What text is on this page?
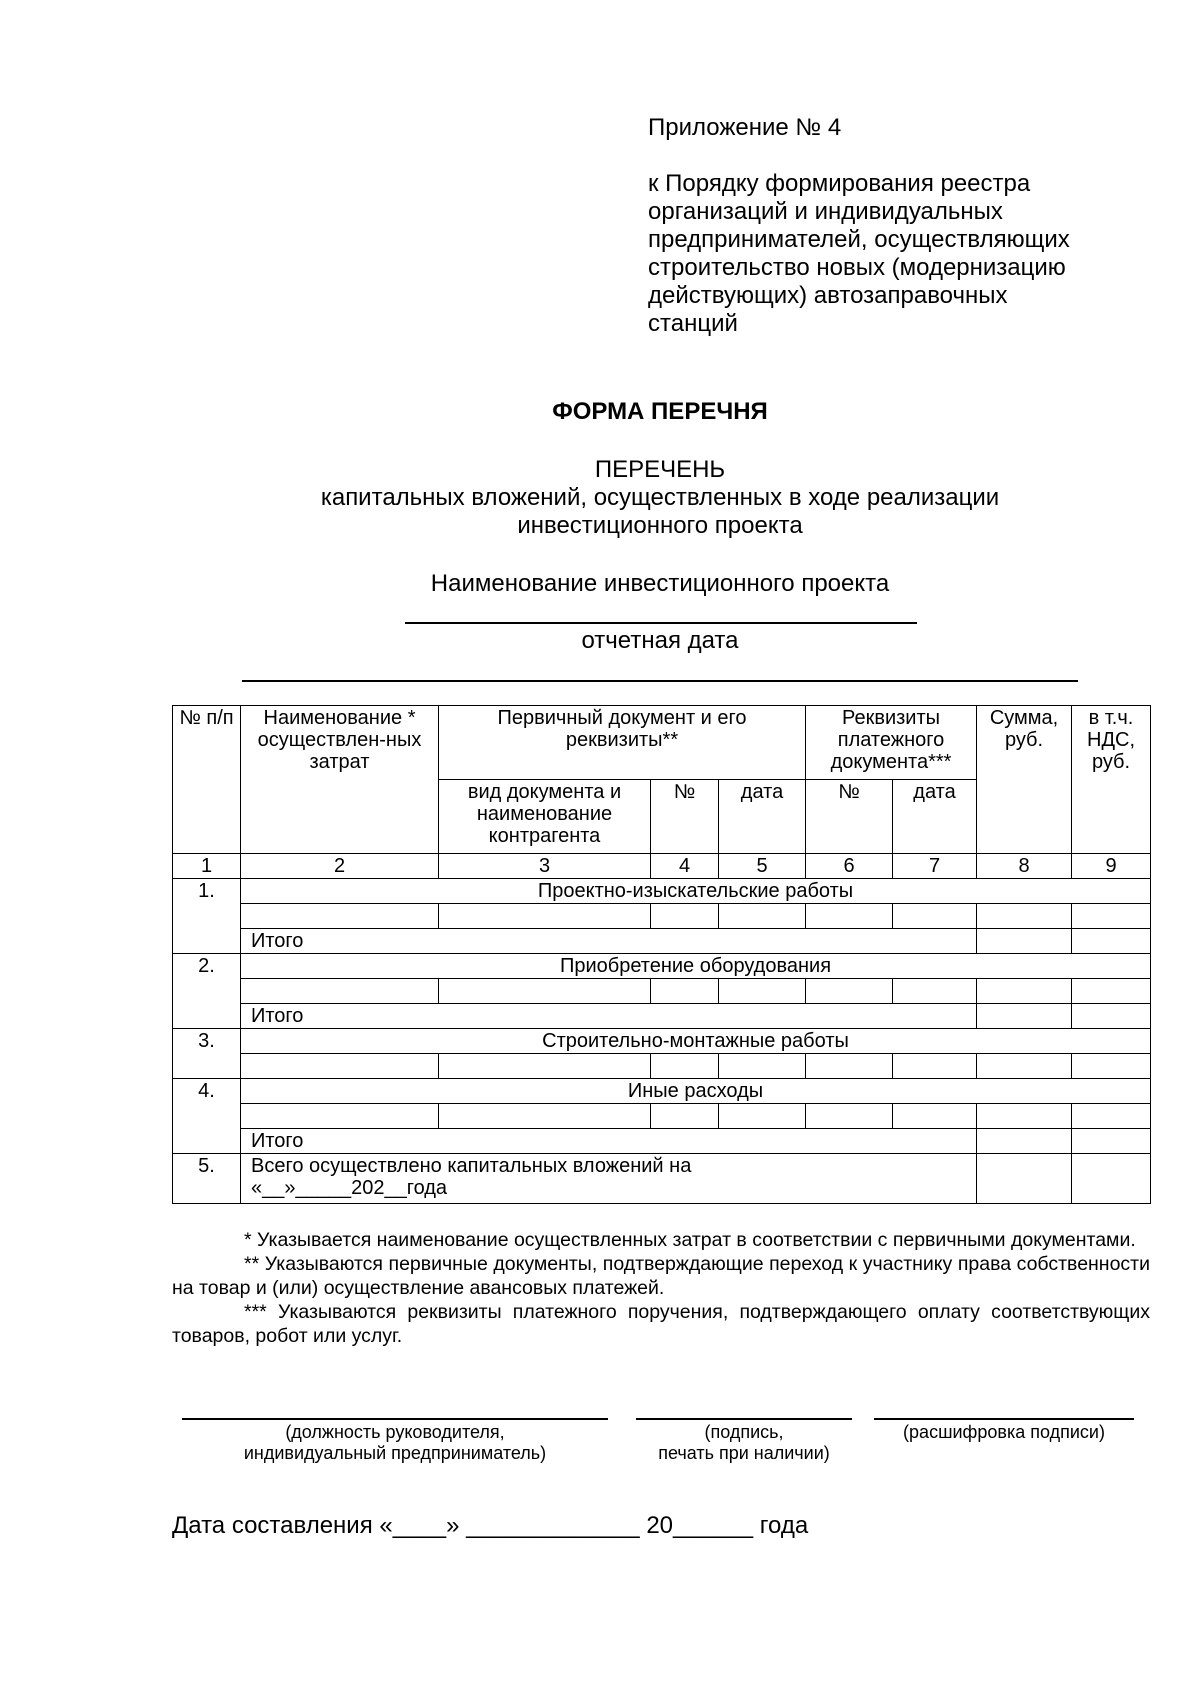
Приложение № 4
к Порядку формирования реестра
организаций и индивидуальных
предпринимателей, осуществляющих
строительство новых (модернизацию
действующих) автозаправочных
станций
ФОРМА ПЕРЕЧНЯ
ПЕРЕЧЕНЬ
капитальных вложений, осуществленных в ходе реализации
инвестиционного проекта
Наименование инвестиционного проекта
отчетная дата
№ п/п	Наименование * осуществлен-ных затрат	Первичный документ и его реквизиты**			Реквизиты платежного документа***		Сумма, руб.	в т.ч. НДС, руб.
		вид документа и наименование контрагента	№	дата	№	дата		
1	2	3	4	5	6	7	8	9
1.	Проектно-изыскательские работы							

	Итого							
2.	Приобретение оборудования							

	Итого							
3.	Строительно-монтажные работы							

4.	Иные расходы							

	Итого							
5.	Всего осуществлено капитальных вложений на
«__»_____202__года							

* Указывается наименование осуществленных затрат в соответствии с первичными документами.

** Указываются первичные документы, подтверждающие переход к участнику права собственности на товар и (или) осуществление авансовых платежей.

*** Указываются реквизиты платежного поручения, подтверждающего оплату соответствующих товаров, робот или услуг.

(должность руководителя,
индивидуальный предприниматель)
(подпись,
печать при наличии)
(расшифровка подписи)
Дата составления «____» _____________ 20______ года
